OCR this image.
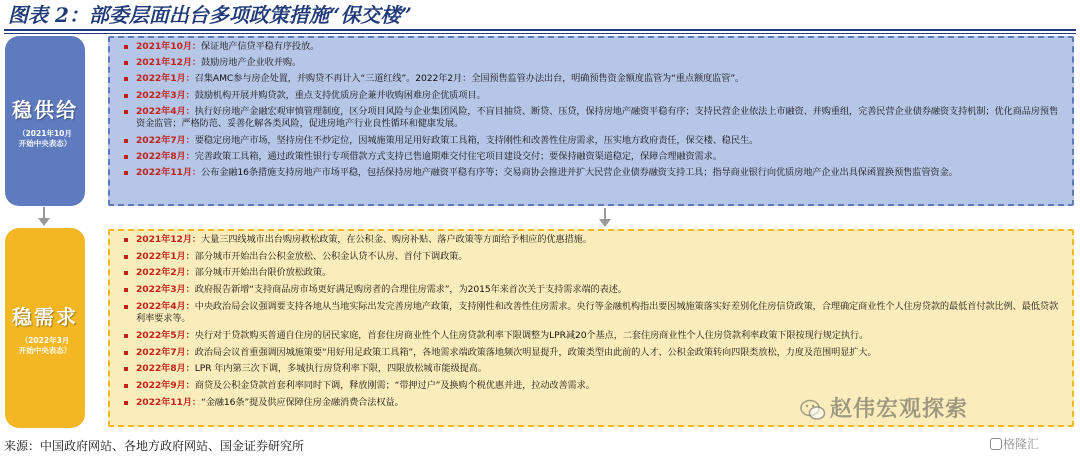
图表 2：部委层面出台多项政策措施“保交楼”
稳供给
（2021年10月
开始中央表态）
2021年10月：保证地产信贷平稳有序投放。
2021年12月：鼓励房地产企业收并购。
2022年1月：召集AMC参与房企处置，并购贷不再计入“三道红线”。2022年2月：全国预售监管办法出台，明确预售资金额度监管为“重点额度监管”。
2022年3月：鼓励机构开展并购贷款，重点支持优质房企兼并收购困难房企优质项目。
2022年4月：执行好房地产金融宏观审慎管理制度，区分项目风险与企业集团风险，不盲目抽贷、断贷、压贷，保持房地产融资平稳有序；支持民营企业依法上市融资、并购重组，完善民营企业债券融资支持机制；优化商品房预售资金监管；严格防范、妥善化解各类风险，促进房地产行业良性循环和健康发展。
2022年7月：要稳定房地产市场，坚持房住不炒定位，因城施策用足用好政策工具箱，支持刚性和改善性住房需求，压实地方政府责任，保交楼、稳民生。
2022年8月：完善政策工具箱，通过政策性银行专项借款方式支持已售逾期难交付住宅项目建设交付；要保持融资渠道稳定，保障合理融资需求。
2022年11月：公布金融16条措施支持房地产市场平稳，包括保持房地产融资平稳有序等；交易商协会推进并扩大民营企业债券融资支持工具；指导商业银行向优质房地产企业出具保函置换预售监管资金。
稳需求
（2022年3月
开始中央表态）
2021年12月：大量三四线城市出台购房救松政策，在公积金、购房补贴、落户政策等方面给予相应的优惠措施。
2022年1月：部分城市开始出台公积金放松、公积金认贷不认房、首付下调政策。
2022年2月：部分城市开始出台限价放松政策。
2022年3月：政府报告新增“支持商品房市场更好满足购房者的合理住房需求”，为2015年来首次关于支持需求端的表述。
2022年4月：中央政治局会议强调要支持各地从当地实际出发完善房地产政策，支持刚性和改善性住房需求。央行等金融机构指出要因城施策落实好差别化住房信贷政策，合理确定商业性个人住房贷款的最低首付款比例、最低贷款利率要求等。
2022年5月：央行对于贷款购买普通自住房的居民家庭，首套住房商业性个人住房贷款利率下限调整为LPR减20个基点，二套住房商业性个人住房贷款利率政策下限按现行规定执行。
2022年7月：政治局会议首重强调因城施策要“用好用足政策工具箱”，各地需求端政策落地频次明显提升，政策类型由此前的人才、公积金政策转向四限类放松，力度及范围明显扩大。
2022年8月：LPR 年内第三次下调，多城执行房贷利率下限，四限放松城市能级提高。
2022年9月：商贷及公积金贷款首套利率同时下调，释放刚需；“带押过户”及换购个税优惠并进，拉动改善需求。
2022年11月：“金融16条”提及供应保障住房金融消费合法权益。	赵伟宏观探索
来源：中国政府网站、各地方政府网站、国金证券研究所	格隆汇
